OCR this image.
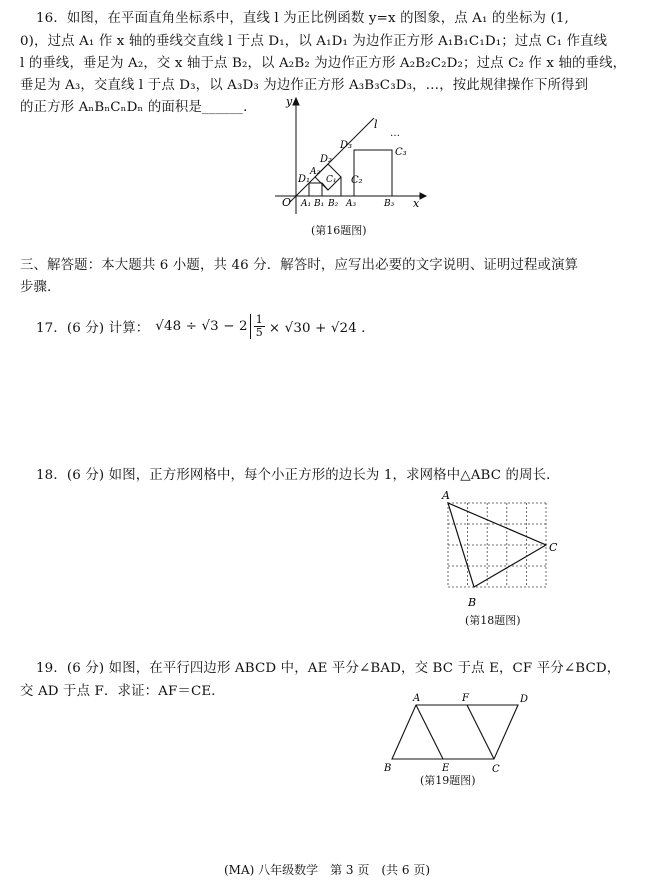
16．如图，在平面直角坐标系中，直线 l 为正比例函数 y=x 的图象，点 A₁ 的坐标为 (1,
0)，过点 A₁ 作 x 轴的垂线交直线 l 于点 D₁，以 A₁D₁ 为边作正方形 A₁B₁C₁D₁；过点 C₁ 作直线
l 的垂线，垂足为 A₂，交 x 轴于点 B₂，以 A₂B₂ 为边作正方形 A₂B₂C₂D₂；过点 C₂ 作 x 轴的垂线，
垂足为 A₃，交直线 l 于点 D₃，以 A₃D₃ 为边作正方形 A₃B₃C₃D₃，…，按此规律操作下所得到
的正方形 AₙBₙCₙDₙ 的面积是______．	y
x
l
…
O
D₃
C₃
D₂
A₂
C₁
D₁	C₂
A₁ B₁ B₂ A₃	B₃
(第16题图)
三、解答题：本大题共 6 小题，共 46 分．解答时，应写出必要的文字说明、证明过程或演算
步骤．
17．(6 分) 计算： $√48 \div √3 - 2 \frac{1}{5} \times √30 + √24$ ．
18．(6 分) 如图，正方形网格中，每个小正方形的边长为 1，求网格中△ABC 的周长．
A
B
C
(第18题图)
19．(6 分) 如图，在平行四边形 ABCD 中，AE 平分∠BAD，交 BC 于点 E，CF 平分∠BCD，
交 AD 于点 F．求证：AF＝CE．	A	F	D
B	E	C
(第19题图)
(MA) 八年级数学　第 3 页　(共 6 页)
